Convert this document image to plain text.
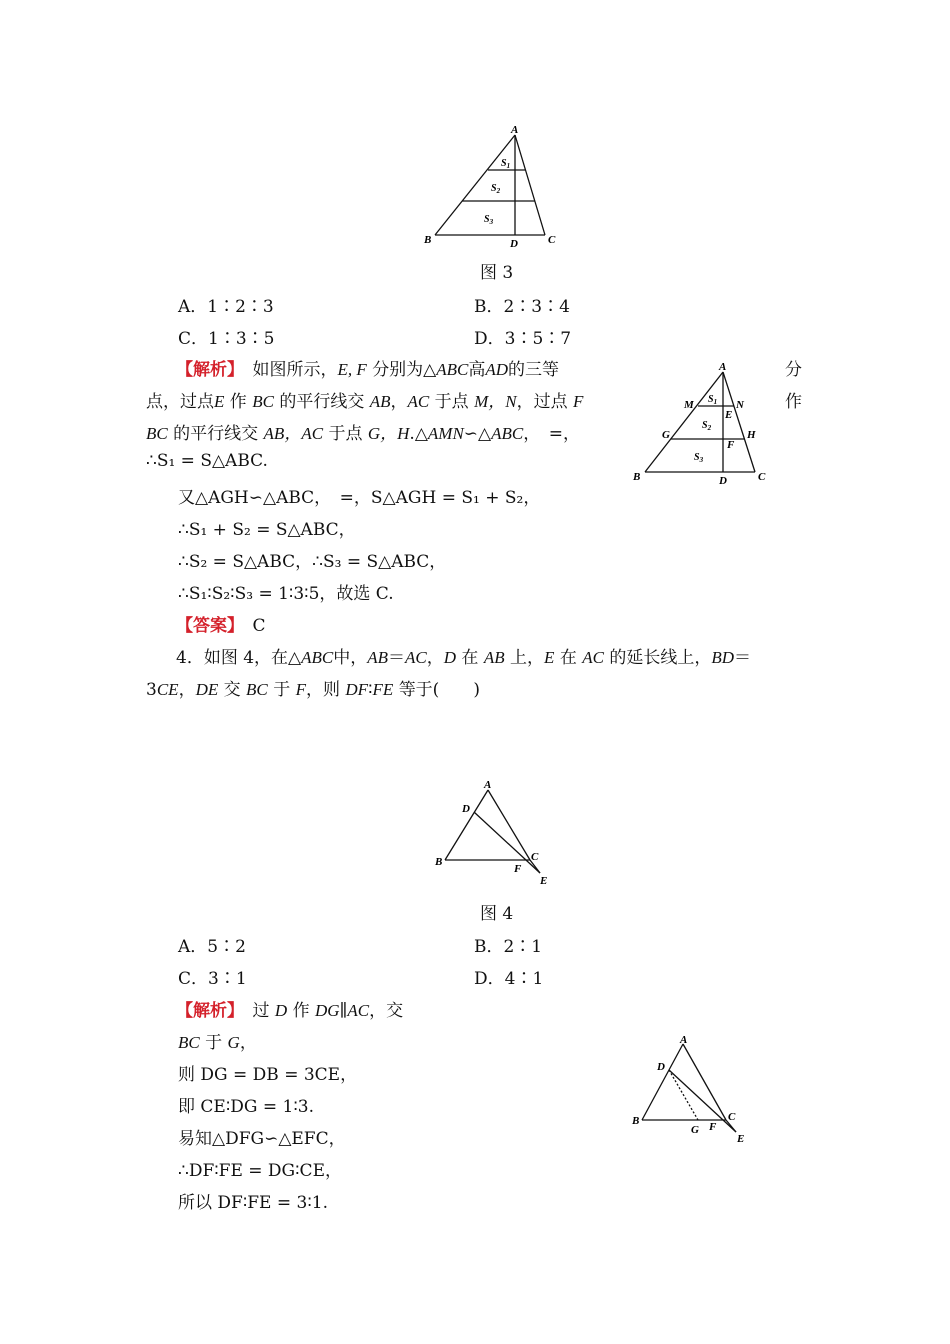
A
B	C
D
$S_1$
$S_2$
$S_3$
图 3
A．1∶2∶3	B．2∶3∶4
C．1∶3∶5	D．3∶5∶7
【解析】　 如图所示，E, F 分别为△ABC高AD的三等	分
点，过点E 作 BC 的平行线交 AB，AC 于点 M，N，过点 F	作
BC 的平行线交 AB，AC 于点 G，H.△AMN∽△ABC，　=，
∴S₁ = S△ABC.
又△AGH∽△ABC，　=，S△AGH = S₁ + S₂，
∴S₁ + S₂ = S△ABC，
∴S₂ = S△ABC，∴S₃ = S△ABC，
∴S₁∶S₂∶S₃ = 1∶3∶5，故选 C.
【答案】　 C
A
B	C
D
E
F
G	H
M	N
$S_1$
$S_2$
$S_3$
4．如图 4，在△ABC中，AB＝AC，D 在 AB 上，E 在 AC 的延长线上，BD＝
3CE，DE 交 BC 于 F，则 DF∶FE 等于(　　)
A
D
B	C
F
E
图 4
A．5∶2	B．2∶1
C．3∶1	D．4∶1
【解析】　 过 D 作 DG∥AC，交
BC 于 G，
则 DG = DB = 3CE，
即 CE∶DG = 1∶3.
易知△DFG∽△EFC，
∴DF∶FE = DG∶CE，
所以 DF∶FE = 3∶1.
A
D
B	C
G F
E
